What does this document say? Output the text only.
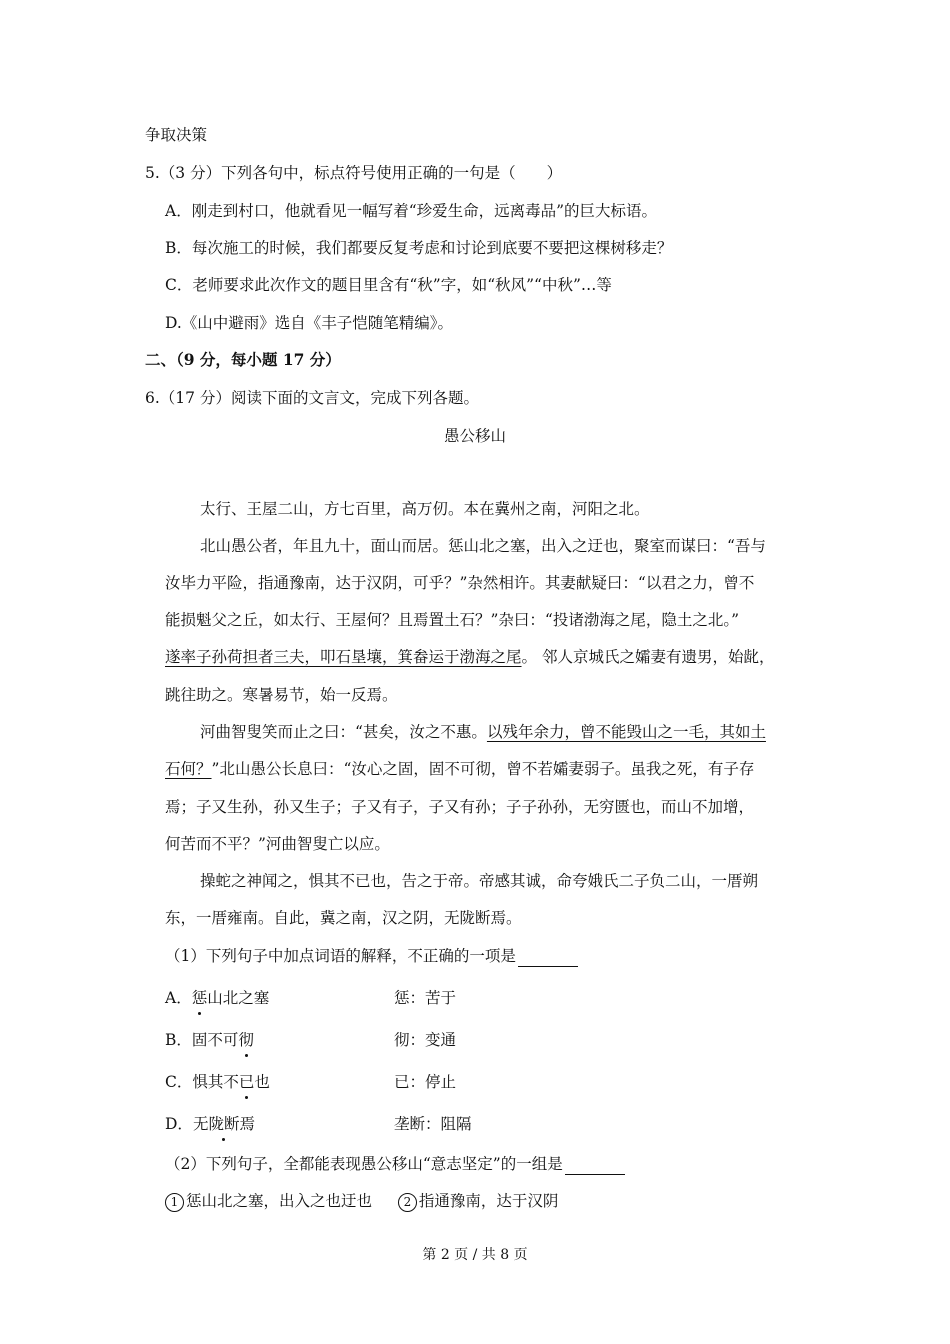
争取决策
5.（3 分）下列各句中，标点符号使用正确的一句是（　　）
A．刚走到村口，他就看见一幅写着“珍爱生命，远离毒品”的巨大标语。
B．每次施工的时候，我们都要反复考虑和讨论到底要不要把这棵树移走？
C．老师要求此次作文的题目里含有“秋”字，如“秋风”“中秋”…等
D.《山中避雨》选自《丰子恺随笔精编》。
二、（9 分，每小题 17 分）
6.（17 分）阅读下面的文言文，完成下列各题。
愚公移山
太行、王屋二山，方七百里，高万仞。本在冀州之南，河阳之北。
北山愚公者，年且九十，面山而居。惩山北之塞，出入之迂也，聚室而谋曰：“吾与
汝毕力平险，指通豫南，达于汉阴，可乎？”杂然相许。其妻献疑曰：“以君之力，曾不
能损魁父之丘，如太行、王屋何？且焉置土石？”杂曰：“投诸渤海之尾，隐土之北。”
遂率子孙荷担者三夫，叩石垦壤，箕畚运于渤海之尾。 邻人京城氏之孀妻有遗男，始龀，
跳往助之。寒暑易节，始一反焉。
河曲智叟笑而止之曰：“甚矣，汝之不惠。以残年余力，曾不能毁山之一毛，其如土
石何？”北山愚公长息曰：“汝心之固，固不可彻，曾不若孀妻弱子。虽我之死，有子存
焉；子又生孙，孙又生子；子又有子，子又有孙；子子孙孙，无穷匮也，而山不加增，
何苦而不平？”河曲智叟亡以应。
操蛇之神闻之，惧其不已也，告之于帝。帝感其诚，命夸娥氏二子负二山，一厝朔
东，一厝雍南。自此，冀之南，汉之阴，无陇断焉。
（1）下列句子中加点词语的解释，不正确的一项是
A．惩山北之塞	惩：苦于
B．固不可彻	彻：变通
C．惧其不已也	已：停止
D．无陇断焉	垄断：阻隔
（2）下列句子，全都能表现愚公移山“意志坚定”的一组是
1 惩山北之塞，出入之也迂也	2 指通豫南，达于汉阴
第 2 页 / 共 8 页
